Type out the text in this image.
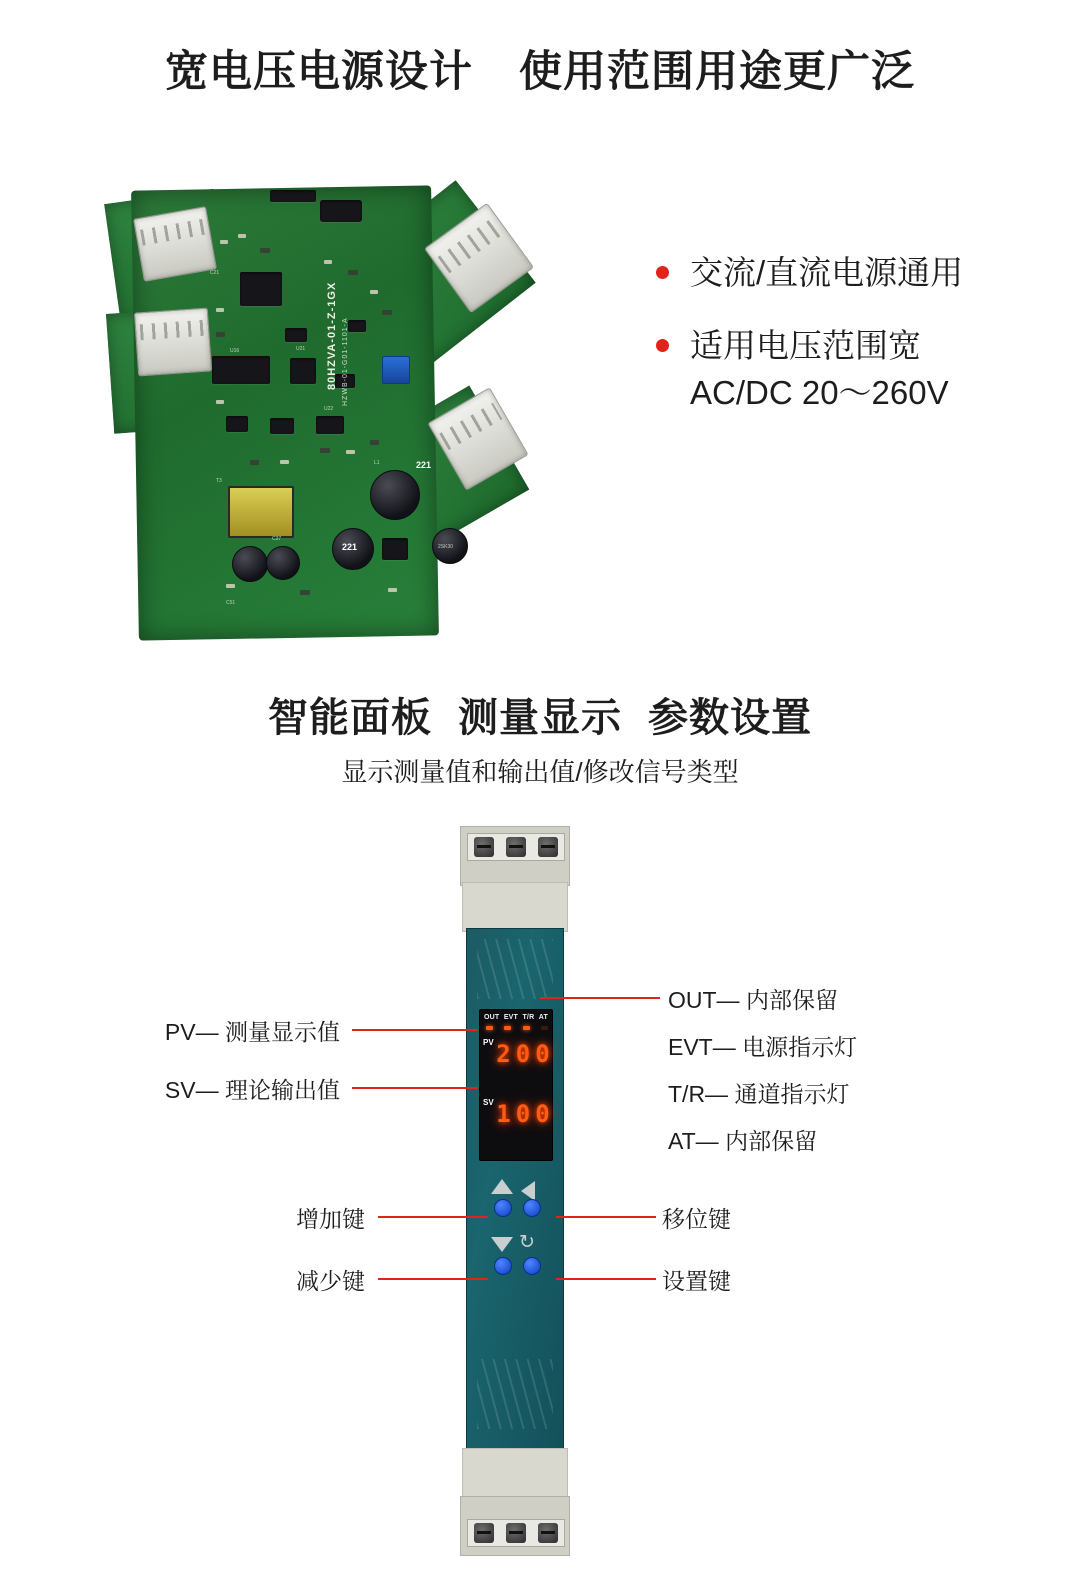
宽电压电源设计 使用范围用途更广泛
80HZVA-01-Z-1GX HZWB-01-G01-1101-A
221
221	2SK30
U21
U22
U16
T3
L1
C21
C37
C51
交流/直流电源通用
适用电压范围宽
AC/DC 20～260V
智能面板 测量显示 参数设置
显示测量值和输出值/修改信号类型
OUT EVT T/R AT
PV 2 0 0
SV 1 0 0
↻
PV— 测量显示值
SV— 理论输出值
增加键
减少键
OUT— 内部保留
EVT— 电源指示灯
T/R— 通道指示灯
AT— 内部保留
移位键
设置键
